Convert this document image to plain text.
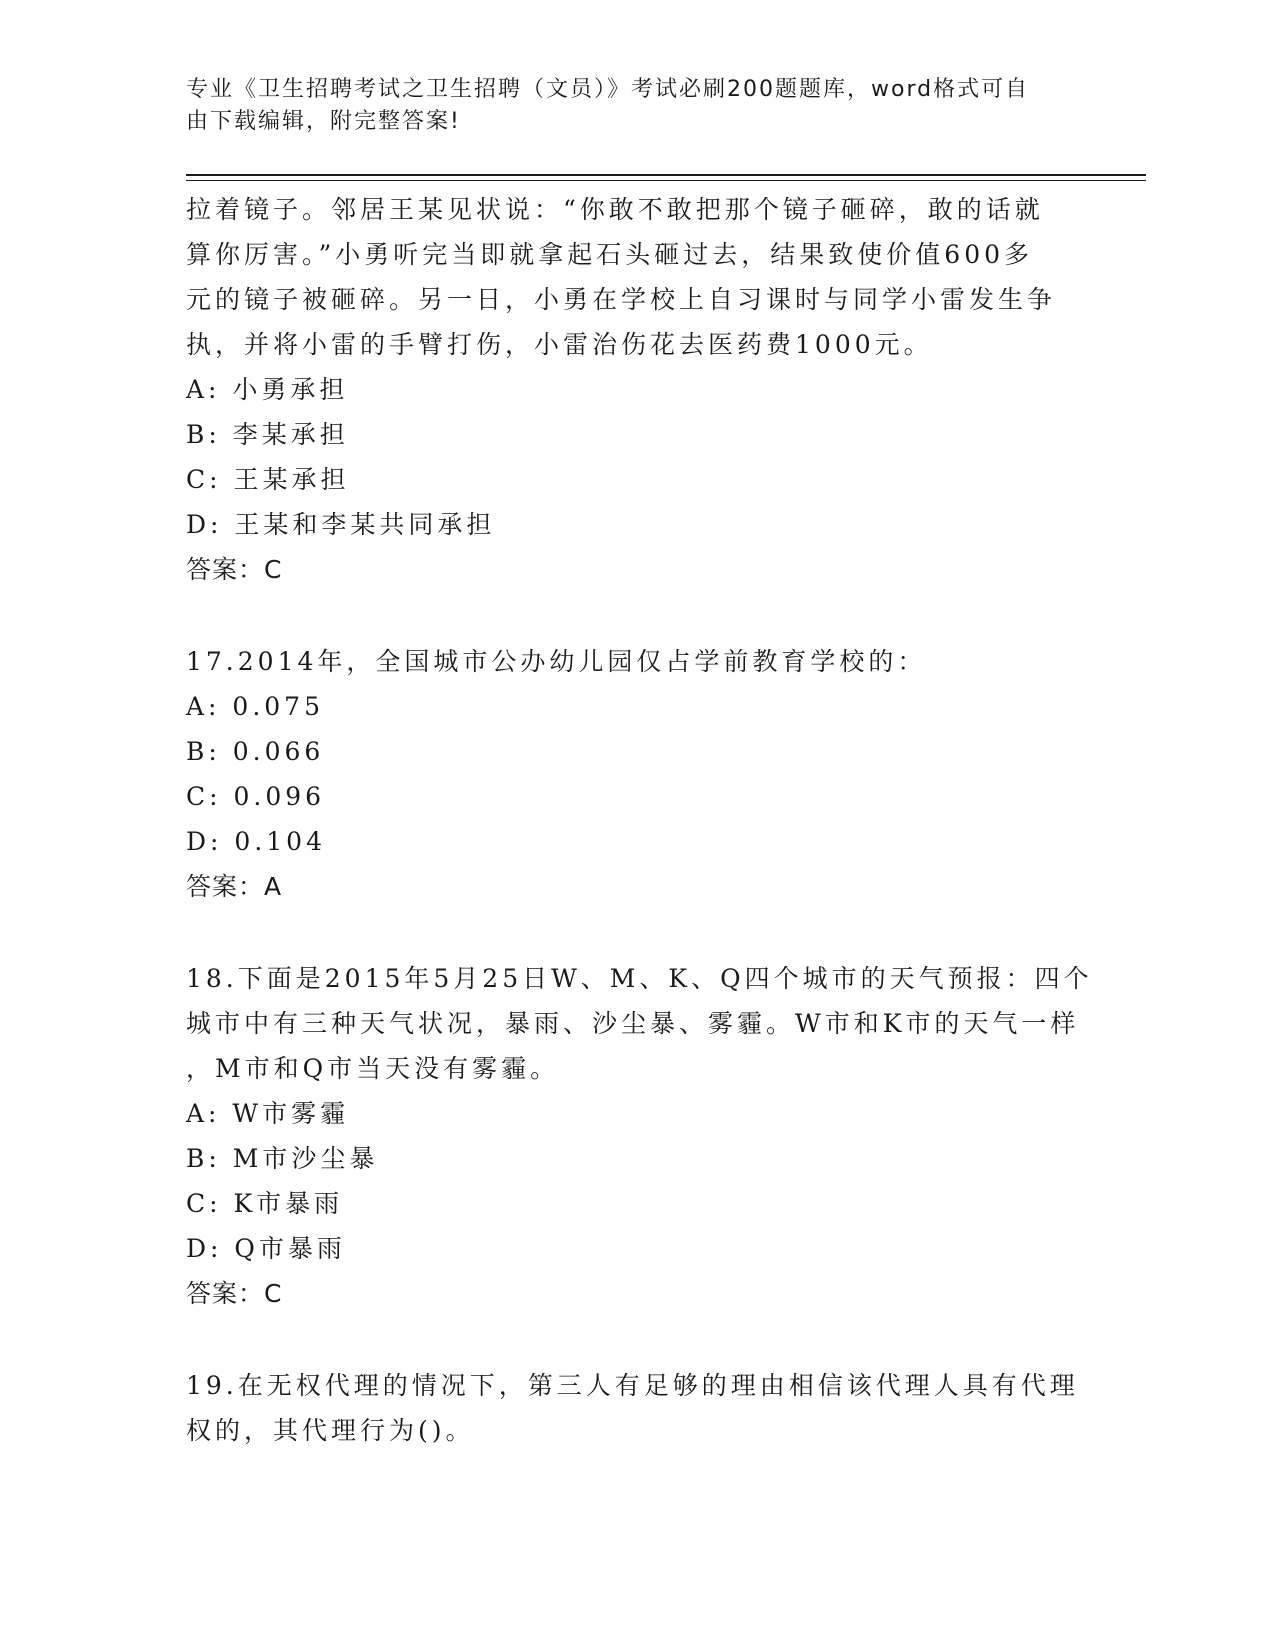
专业《卫生招聘考试之卫生招聘（文员）》考试必刷200题题库，word格式可自
由下载编辑，附完整答案!
拉着镜子。邻居王某见状说：“你敢不敢把那个镜子砸碎，敢的话就
算你厉害。”小勇听完当即就拿起石头砸过去，结果致使价值600多
元的镜子被砸碎。另一日，小勇在学校上自习课时与同学小雷发生争
执，并将小雷的手臂打伤，小雷治伤花去医药费1000元。
A: 小勇承担
B: 李某承担
C: 王某承担
D: 王某和李某共同承担
答案：C
17.2014年，全国城市公办幼儿园仅占学前教育学校的：
A: 0.075
B: 0.066
C: 0.096
D: 0.104
答案：A
18.下面是2015年5月25日W、M、K、Q四个城市的天气预报：四个
城市中有三种天气状况，暴雨、沙尘暴、雾霾。W市和K市的天气一样
，M市和Q市当天没有雾霾。
A: W市雾霾
B: M市沙尘暴
C: K市暴雨
D: Q市暴雨
答案：C
19.在无权代理的情况下，第三人有足够的理由相信该代理人具有代理
权的，其代理行为()。
